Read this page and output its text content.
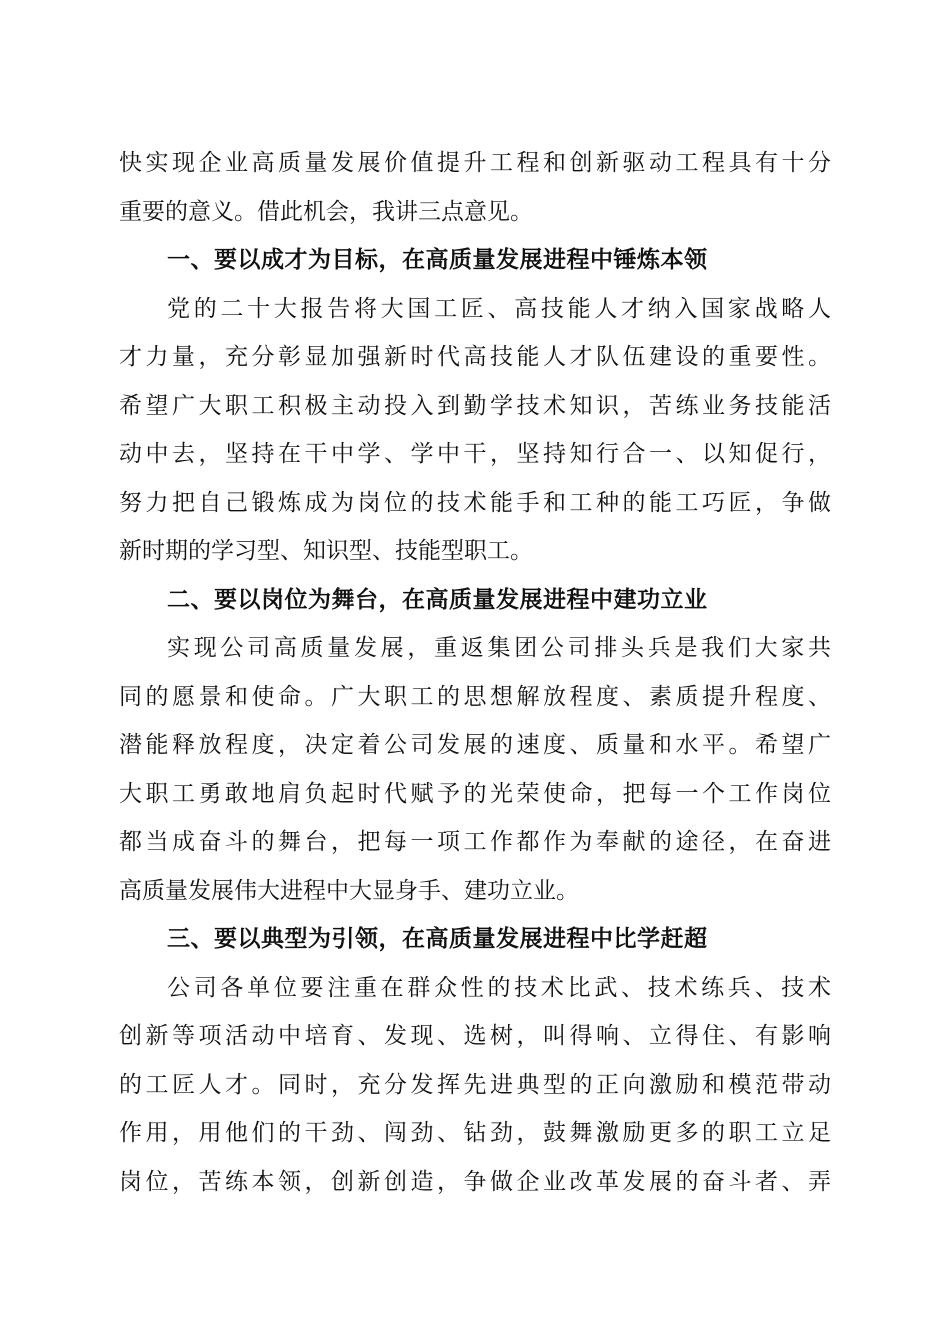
快实现企业高质量发展价值提升工程和创新驱动工程具有十分
重要的意义。借此机会，我讲三点意见。
一、要以成才为目标，在高质量发展进程中锤炼本领
党的二十大报告将大国工匠、高技能人才纳入国家战略人
才力量，充分彰显加强新时代高技能人才队伍建设的重要性。
希望广大职工积极主动投入到勤学技术知识，苦练业务技能活
动中去，坚持在干中学、学中干，坚持知行合一、以知促行，
努力把自己锻炼成为岗位的技术能手和工种的能工巧匠，争做
新时期的学习型、知识型、技能型职工。
二、要以岗位为舞台，在高质量发展进程中建功立业
实现公司高质量发展，重返集团公司排头兵是我们大家共
同的愿景和使命。广大职工的思想解放程度、素质提升程度、
潜能释放程度，决定着公司发展的速度、质量和水平。希望广
大职工勇敢地肩负起时代赋予的光荣使命，把每一个工作岗位
都当成奋斗的舞台，把每一项工作都作为奉献的途径，在奋进
高质量发展伟大进程中大显身手、建功立业。
三、要以典型为引领，在高质量发展进程中比学赶超
公司各单位要注重在群众性的技术比武、技术练兵、技术
创新等项活动中培育、发现、选树，叫得响、立得住、有影响
的工匠人才。同时，充分发挥先进典型的正向激励和模范带动
作用，用他们的干劲、闯劲、钻劲，鼓舞激励更多的职工立足
岗位，苦练本领，创新创造，争做企业改革发展的奋斗者、弄
